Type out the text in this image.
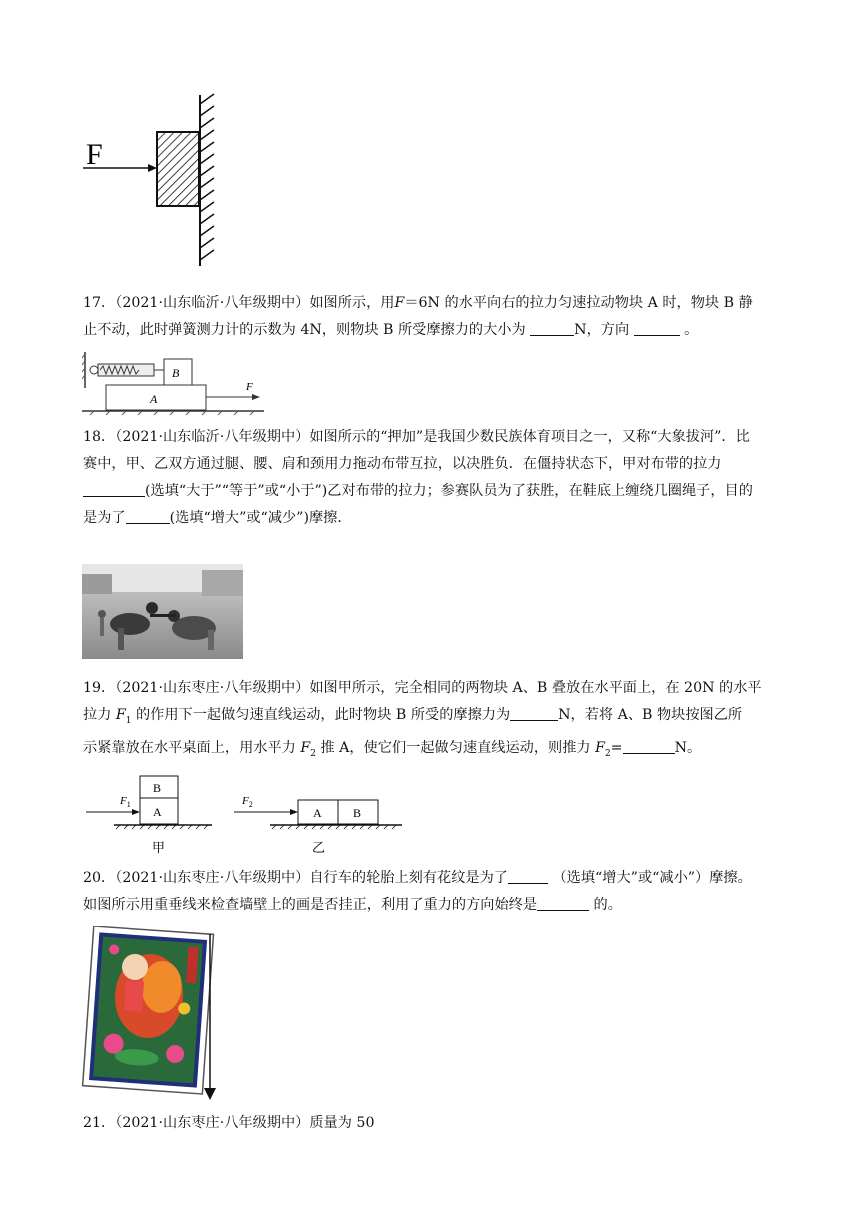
F
17．（2021·山东临沂·八年级期中）如图所示，用F＝6N 的水平向右的拉力匀速拉动物块 A 时，物块 B 静
止不动，此时弹簧测力计的示数为 4N，则物块 B 所受摩擦力的大小为	N，方向	。
B
A
F
18．（2021·山东临沂·八年级期中）如图所示的“押加”是我国少数民族体育项目之一，又称“大象拔河”．比
赛中，甲、乙双方通过腿、腰、肩和颈用力拖动布带互拉，以决胜负．在僵持状态下，甲对布带的拉力
(选填“大于”“等于”或“小于”)乙对布带的拉力；参赛队员为了获胜，在鞋底上缠绕几圈绳子，目的
是为了	(选填“增大”或“减少”)摩擦．
19．（2021·山东枣庄·八年级期中）如图甲所示，完全相同的两物块 A、B 叠放在水平面上，在 20N 的水平
拉力 $F_1$ 的作用下一起做匀速直线运动，此时物块 B 所受的摩擦力为	N，若将 A、B 物块按图乙所
示紧靠放在水平桌面上，用水平力 $F_2$ 推 A，使它们一起做匀速直线运动，则推力 $F_2=$	N。
B
A
$F_1$
甲
A	B
$F_2$
乙
20．（2021·山东枣庄·八年级期中）自行车的轮胎上刻有花纹是为了	（选填“增大”或“减小”）摩擦。
如图所示用重垂线来检查墙壁上的画是否挂正，利用了重力的方向始终是	的。
21．（2021·山东枣庄·八年级期中）质量为 50
